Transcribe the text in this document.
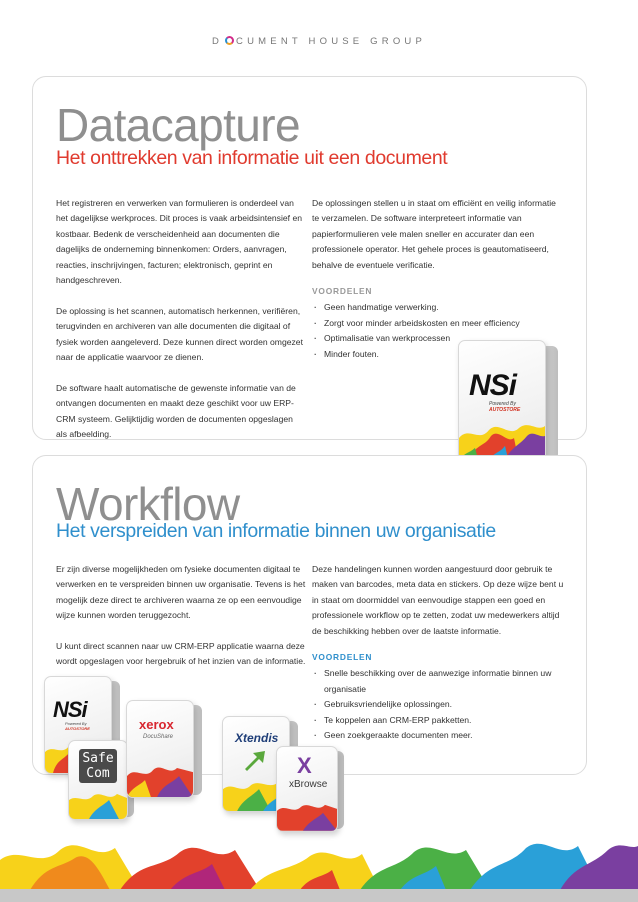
D CUMENT HOUSE GROUP
Datacapture
Het onttrekken van informatie uit een document

Het registreren en verwerken van formulieren is onderdeel van het dagelijkse werkproces. Dit proces is vaak arbeidsintensief en kostbaar. Bedenk de verscheidenheid aan documenten die dagelijks de onderneming binnenkomen: Orders, aanvragen, reacties, inschrijvingen, facturen; elektronisch, geprint en handgeschreven.

De oplossing is het scannen, automatisch herkennen, verifiëren, terugvinden en archiveren van alle documenten die digitaal of fysiek worden aangeleverd. Deze kunnen direct worden omgezet naar de applicatie waarvoor ze dienen.

De software haalt automatische de gewenste informatie van de ontvangen documenten en maakt deze geschikt voor uw ERP-CRM systeem. Gelijktijdig worden de documenten opgeslagen als afbeelding.

De oplossingen stellen u in staat om efficiënt en veilig informatie te verzamelen. De software interpreteert informatie van papierformulieren vele malen sneller en accurater dan een professionele operator. Het gehele proces is geautomatiseerd, behalve de eventuele verificatie.

VOORDELEN
· Geen handmatige verwerking.
· Zorgt voor minder arbeidskosten en meer efficiency
· Optimalisatie van werkprocessen
· Minder fouten.
NSi
Powered By AUTOSTORE
Workflow
Het verspreiden van informatie binnen uw organisatie

Er zijn diverse mogelijkheden om fysieke documenten digitaal te verwerken en te verspreiden binnen uw organisatie. Tevens is het mogelijk deze direct te archiveren waarna ze op een eenvoudige wijze kunnen worden teruggezocht.

U kunt direct scannen naar uw CRM-ERP applicatie waarna deze wordt opgeslagen voor hergebruik of het inzien van de informatie.

Deze handelingen kunnen worden aangestuurd door gebruik te maken van barcodes, meta data en stickers. Op deze wijze bent u in staat om doormiddel van eenvoudige stappen een goed en professionele workflow op te zetten, zodat uw medewerkers altijd de beschikking hebben over de laatste informatie.

VOORDELEN
· Snelle beschikking over de aanwezige informatie binnen uw organisatie
· Gebruiksvriendelijke oplossingen.
· Te koppelen aan CRM-ERP pakketten.
· Geen zoekgeraakte documenten meer.
NSi
Powered By AUTOSTORE
Safe
Com
xerox
DocuShare	Xtendis
X
xBrowse
